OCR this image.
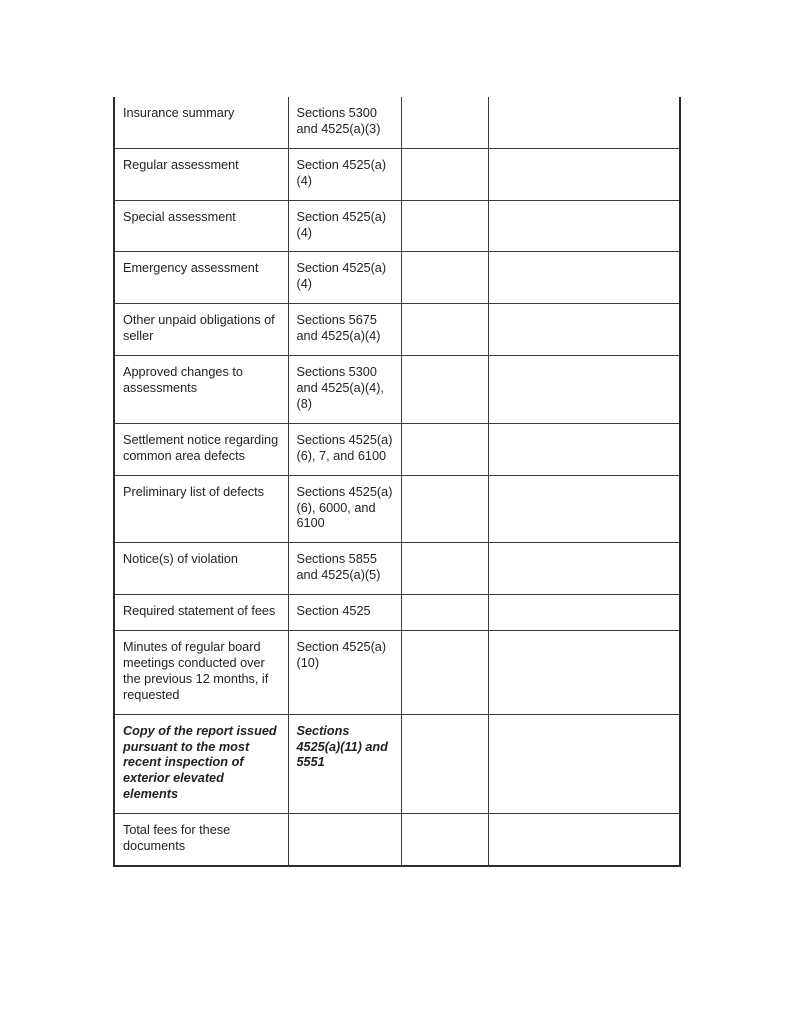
Insurance summary	Sections 5300 and 4525(a)(3)		
Regular assessment	Section 4525(a)(4)		
Special assessment	Section 4525(a)(4)		
Emergency assessment	Section 4525(a)(4)		
Other unpaid obligations of seller	Sections 5675 and 4525(a)(4)		
Approved changes to assessments	Sections 5300 and 4525(a)(4), (8)		
Settlement notice regarding common area defects	Sections 4525(a)(6), 7, and 6100		
Preliminary list of defects	Sections 4525(a)(6), 6000, and 6100		
Notice(s) of violation	Sections 5855 and 4525(a)(5)		
Required statement of fees	Section 4525		
Minutes of regular board meetings conducted over the previous 12 months, if requested	Section 4525(a)(10)		
Copy of the report issued pursuant to the most recent inspection of exterior elevated elements	Sections 4525(a)(11) and 5551		
Total fees for these documents			
